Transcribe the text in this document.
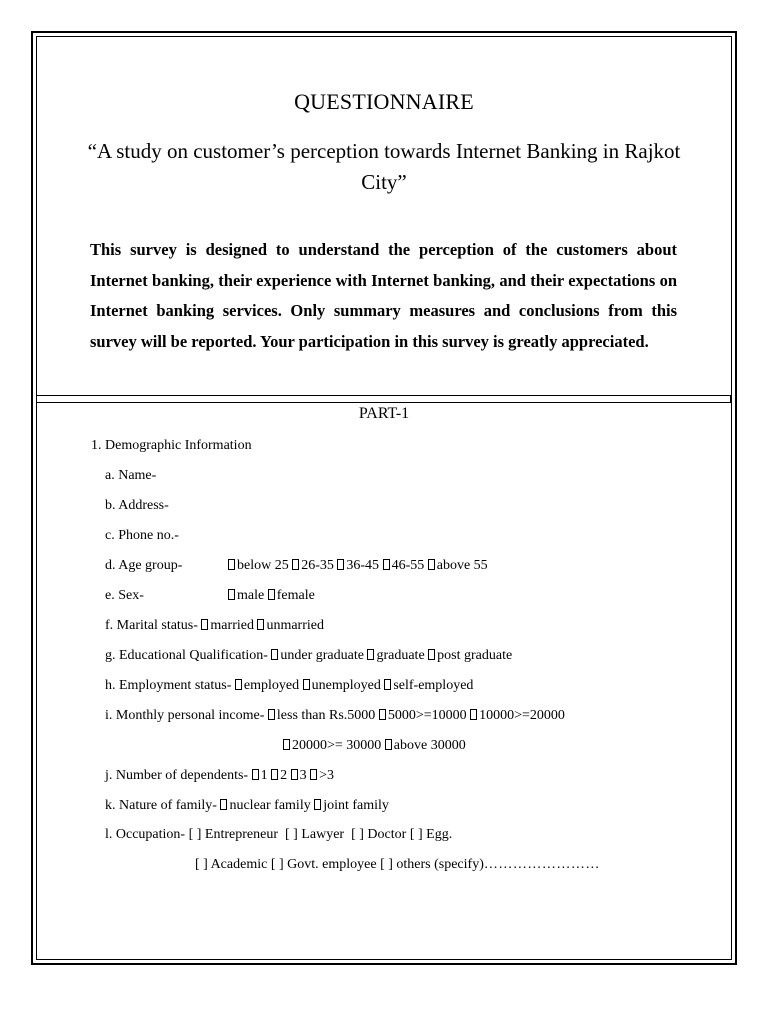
QUESTIONNAIRE
“A study on customer’s perception towards Internet Banking in Rajkot City”
This survey is designed to understand the perception of the customers about Internet banking, their experience with Internet banking, and their expectations on Internet banking services. Only summary measures and conclusions from this survey will be reported. Your participation in this survey is greatly appreciated.
PART-1
1. Demographic Information
a. Name-
b. Address-
c. Phone no.-
d. Age group-	below 25 26-35 36-45 46-55 above 55
e. Sex-	male female
f. Marital status- married unmarried
g. Educational Qualification- under graduate graduate post graduate
h. Employment status- employed unemployed self-employed
i. Monthly personal income- less than Rs.5000 5000>=10000 10000>=20000
20000>= 30000 above 30000
j. Number of dependents- 1 2 3 >3
k. Nature of family- nuclear family joint family
l. Occupation- [ ] Entrepreneur [ ] Lawyer [ ] Doctor [ ] Egg.
[ ] Academic [ ] Govt. employee [ ] others (specify)……………………
